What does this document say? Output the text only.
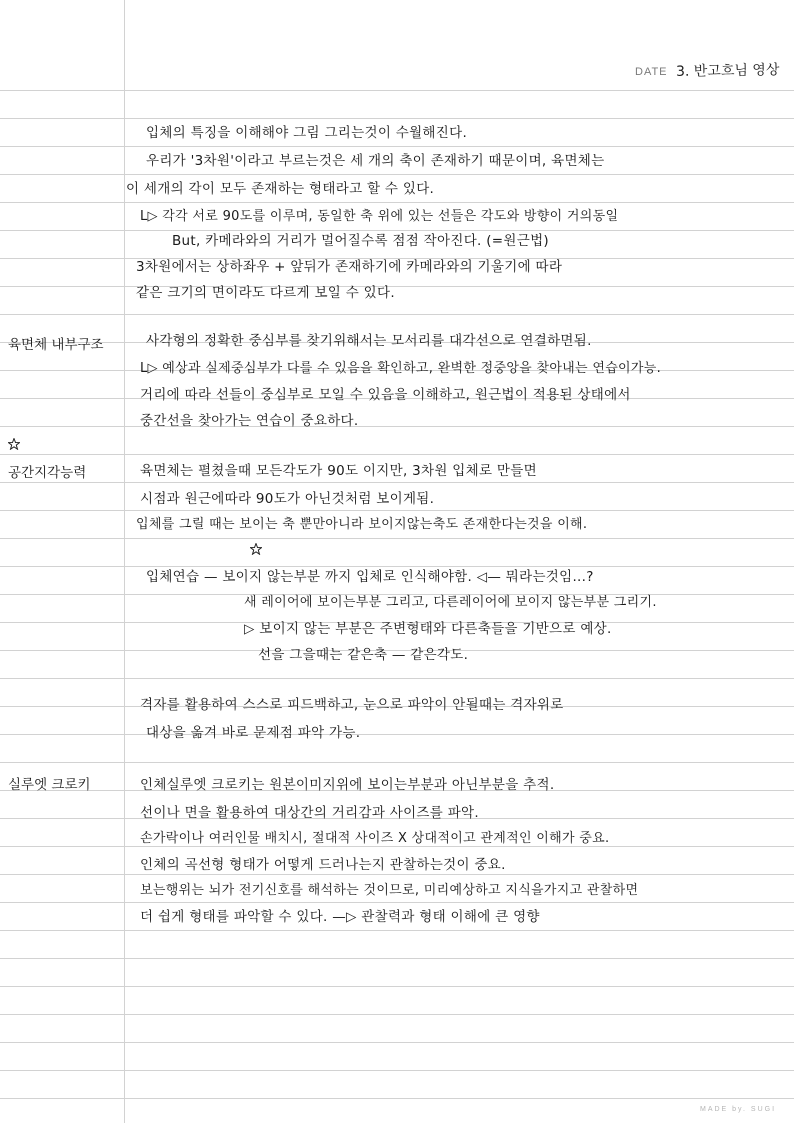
DATE 3. 반고흐님 영상
입체의 특징을 이해해야 그림 그리는것이 수월해진다.
우리가 '3차원'이라고 부르는것은 세 개의 축이 존재하기 때문이며, 육면체는
이 세개의 각이 모두 존재하는 형태라고 할 수 있다.
L▷ 각각 서로 90도를 이루며, 동일한 축 위에 있는 선들은 각도와 방향이 거의동일
But, 카메라와의 거리가 멀어질수록 점점 작아진다. (=원근법)
3차원에서는 상하좌우 + 앞뒤가 존재하기에 카메라와의 기울기에 따라
같은 크기의 면이라도 다르게 보일 수 있다.
육면체 내부구조	사각형의 정확한 중심부를 찾기위해서는 모서리를 대각선으로 연결하면됨.
L▷ 예상과 실제중심부가 다를 수 있음을 확인하고, 완벽한 정중앙을 찾아내는 연습이가능.
거리에 따라 선들이 중심부로 모일 수 있음을 이해하고, 원근법이 적용된 상태에서
중간선을 찾아가는 연습이 중요하다.
공간지각능력	육면체는 펼쳤을때 모든각도가 90도 이지만, 3차원 입체로 만들면
시점과 원근에따라 90도가 아닌것처럼 보이게됨.
입체를 그릴 때는 보이는 축 뿐만아니라 보이지않는축도 존재한다는것을 이해.
입체연습 — 보이지 않는부분 까지 입체로 인식해야함. ◁— 뭐라는것임...?
새 레이어에 보이는부분 그리고, 다른레이어에 보이지 않는부분 그리기.
▷ 보이지 않는 부분은 주변형태와 다른축들을 기반으로 예상.
선을 그을때는 같은축 — 같은각도.
격자를 활용하여 스스로 피드백하고, 눈으로 파악이 안될때는 격자위로
대상을 옮겨 바로 문제점 파악 가능.
실루엣 크로키	인체실루엣 크로키는 원본이미지위에 보이는부분과 아닌부분을 추적.
선이나 면을 활용하여 대상간의 거리감과 사이즈를 파악.
손가락이나 여러인물 배치시, 절대적 사이즈 X 상대적이고 관계적인 이해가 중요.
인체의 곡선형 형태가 어떻게 드러나는지 관찰하는것이 중요.
보는행위는 뇌가 전기신호를 해석하는 것이므로, 미리예상하고 지식을가지고 관찰하면
더 쉽게 형태를 파악할 수 있다. —▷ 관찰력과 형태 이해에 큰 영향
MADE by. SUGI
